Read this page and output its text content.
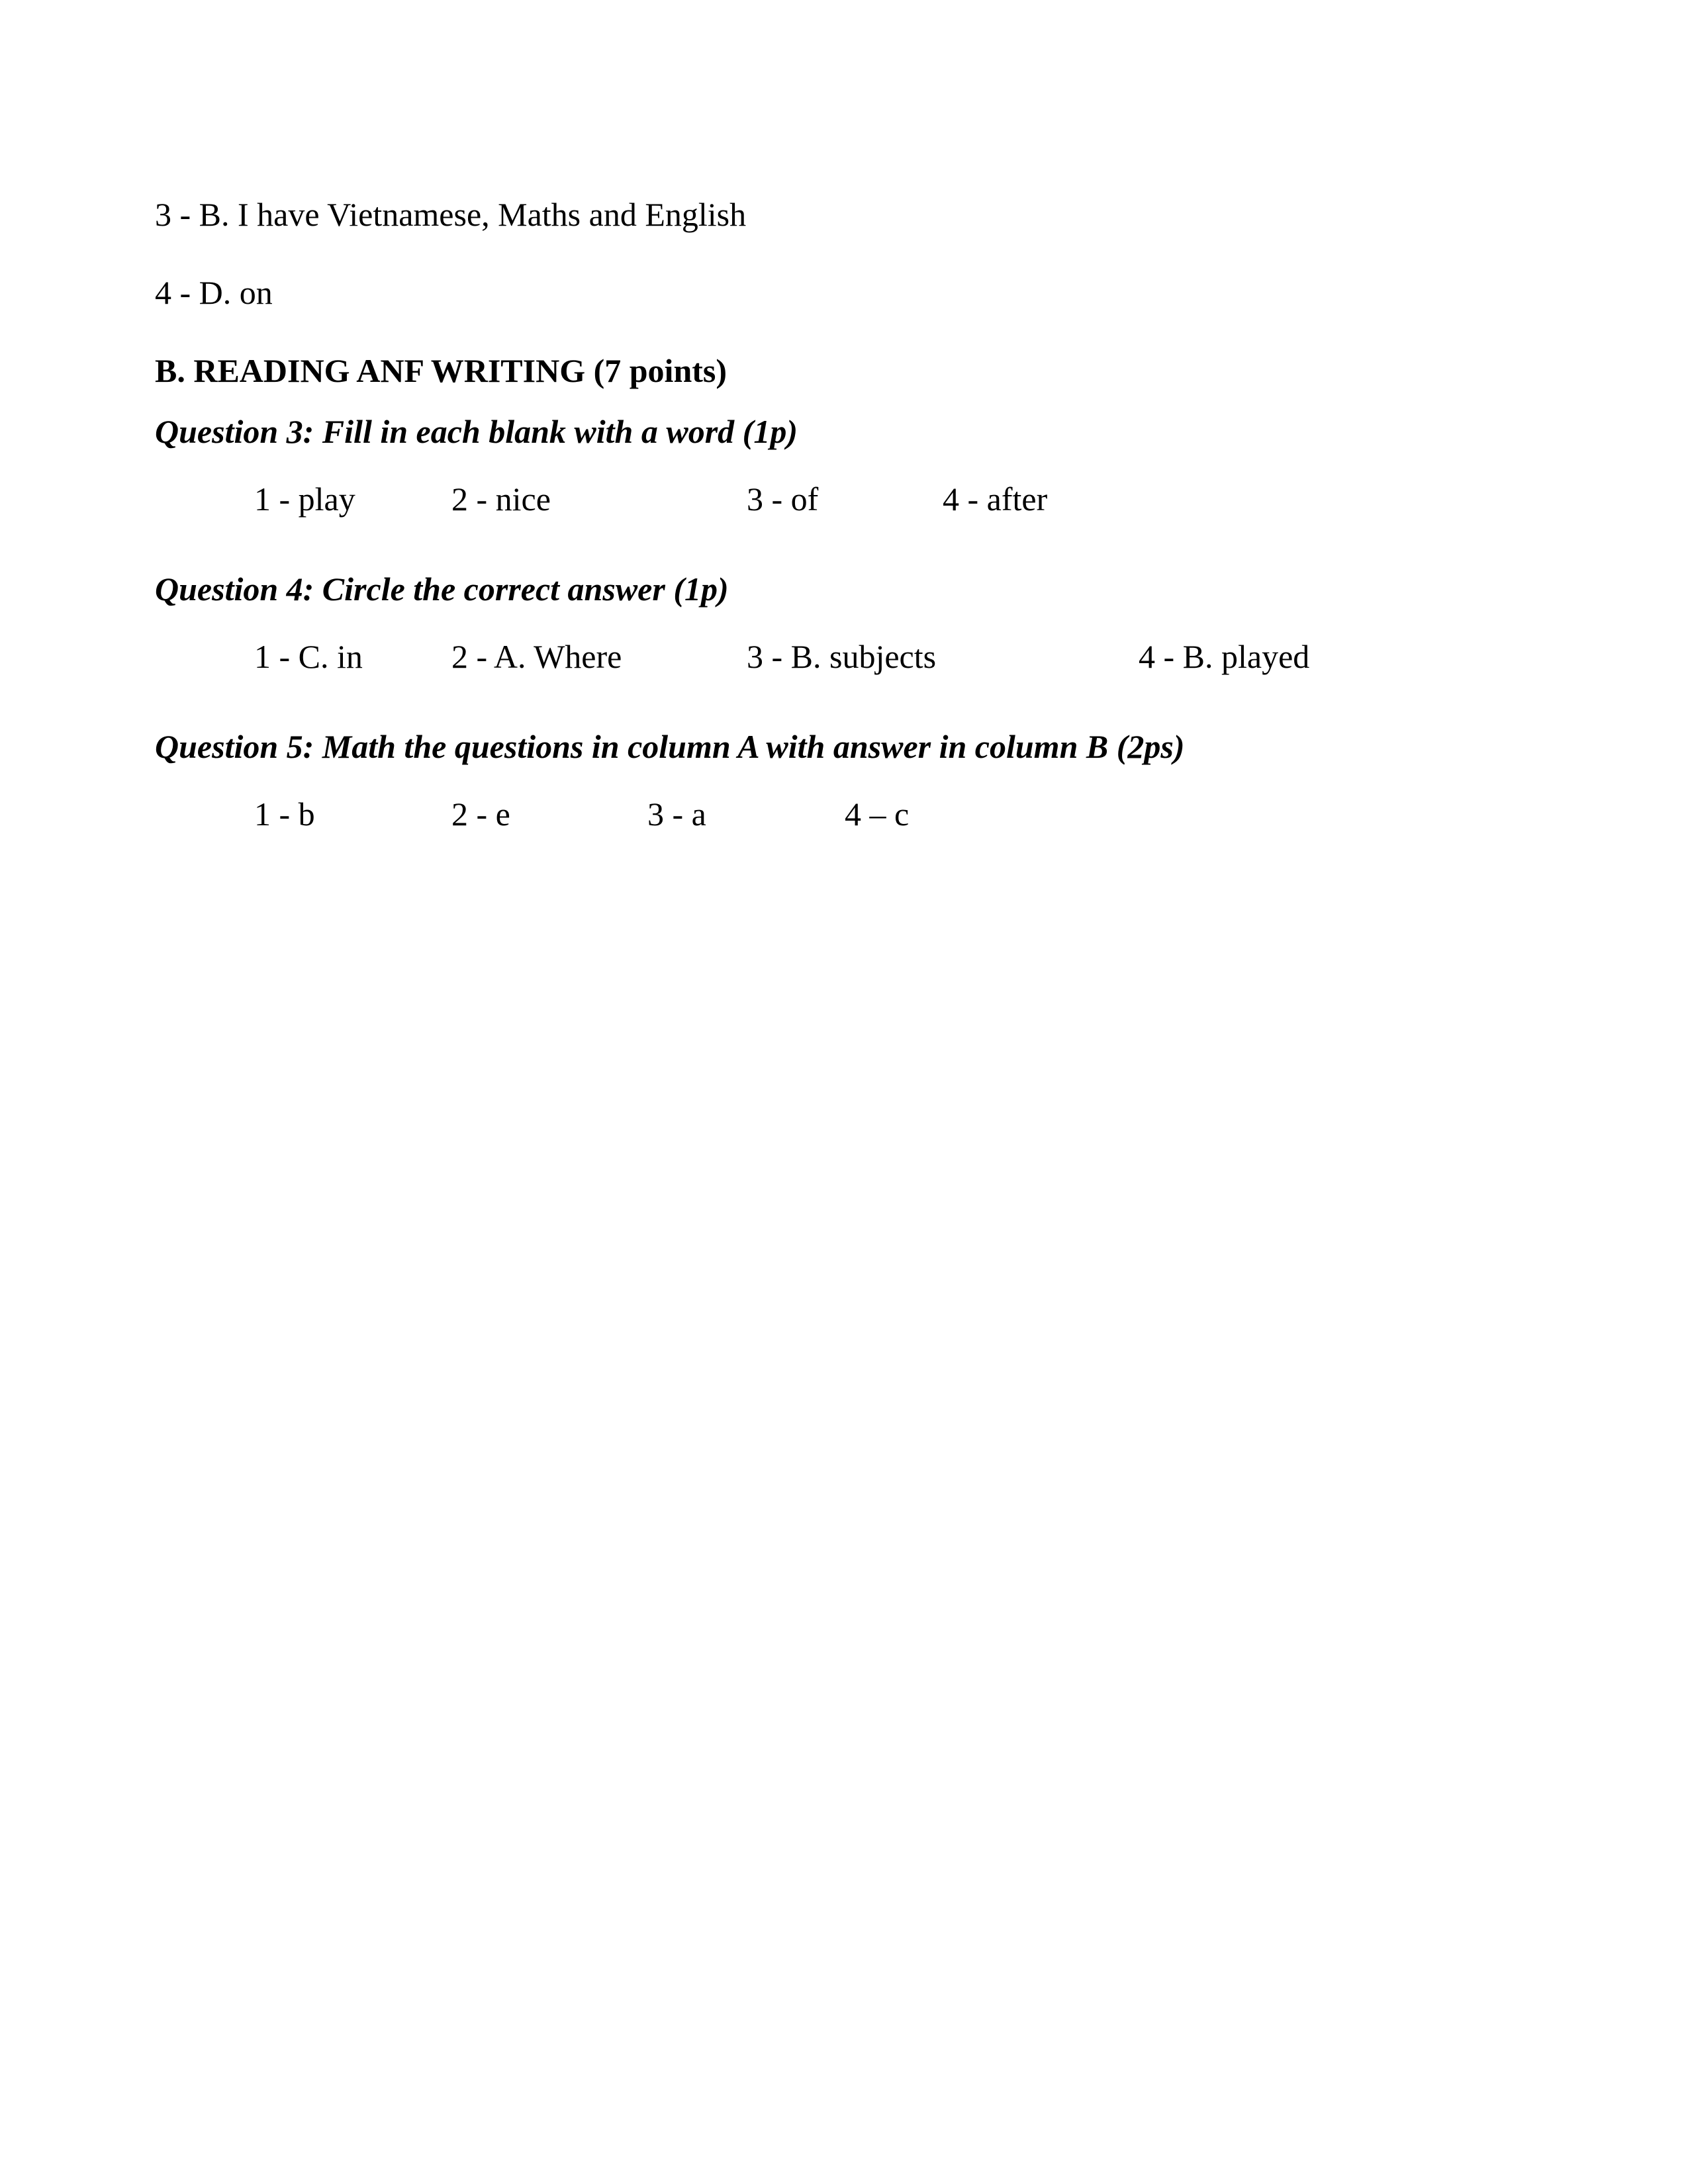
3 - B. I have Vietnamese, Maths and English
4 - D. on
B. READING ANF WRITING (7 points)
Question 3: Fill in each blank with a word (1p)
1 - play	2 - nice	3 - of	4 - after
Question 4: Circle the correct answer (1p)
1 - C. in	2 - A. Where	3 - B. subjects	4 - B. played
Question 5: Math the questions in column A with answer in column B (2ps)
1 - b	2 - e	3 - a	4 – c
